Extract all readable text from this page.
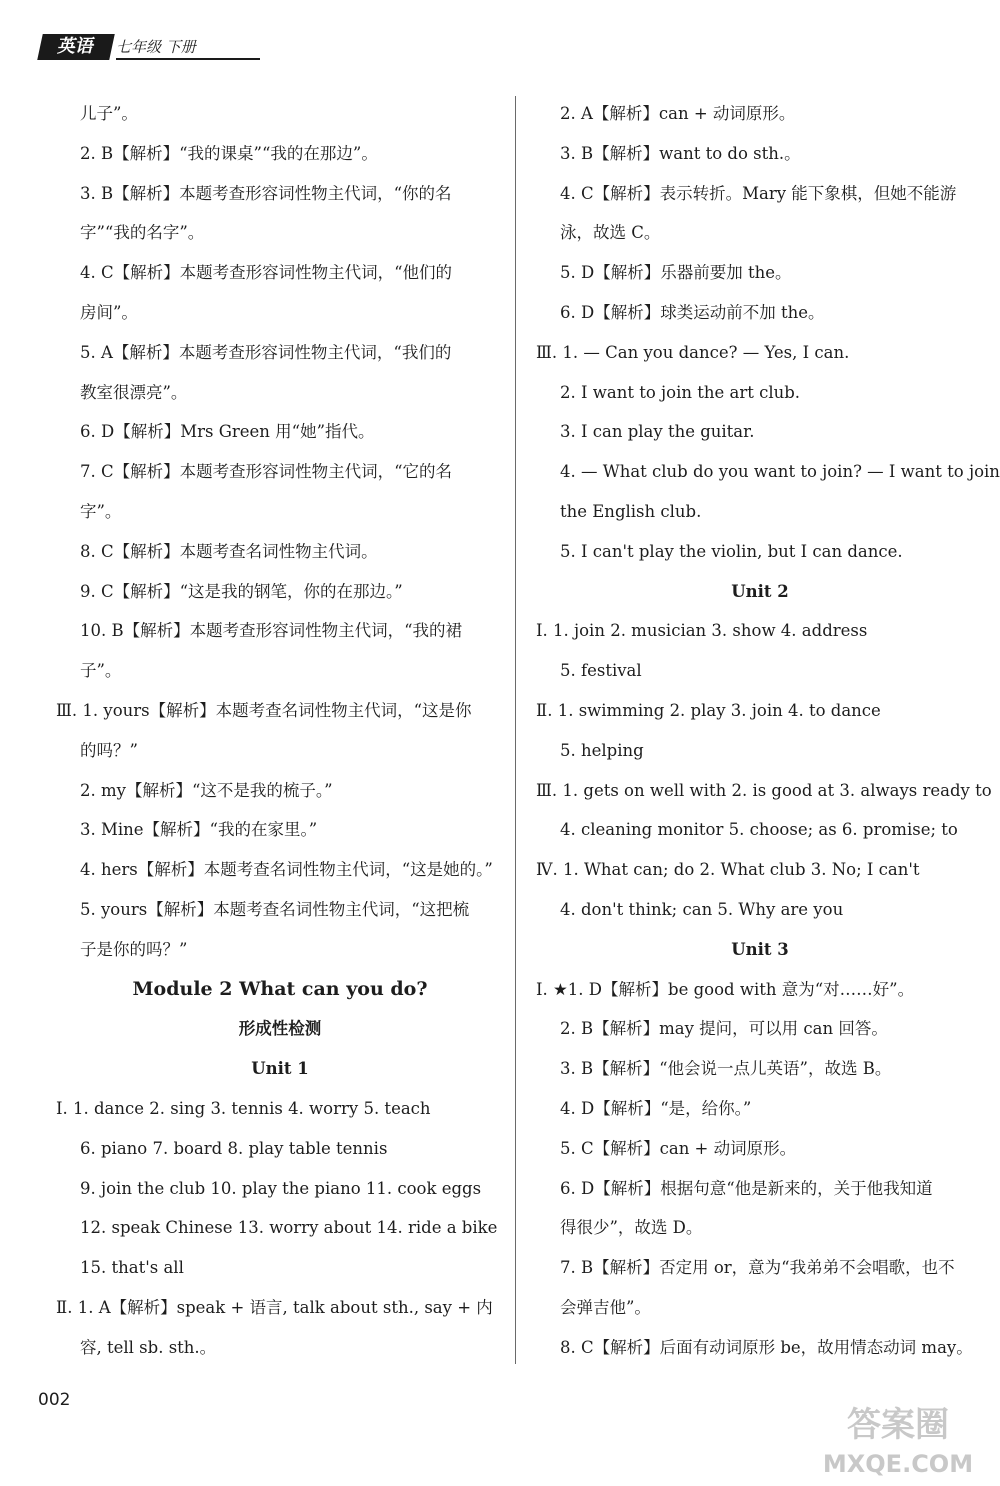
英语	七年级 下册
儿子”。
2. B【解析】“我的课桌”“我的在那边”。
3. B【解析】本题考查形容词性物主代词，“你的名
字”“我的名字”。
4. C【解析】本题考查形容词性物主代词，“他们的
房间”。
5. A【解析】本题考查形容词性物主代词，“我们的
教室很漂亮”。
6. D【解析】Mrs Green 用“她”指代。
7. C【解析】本题考查形容词性物主代词，“它的名
字”。
8. C【解析】本题考查名词性物主代词。
9. C【解析】“这是我的钢笔，你的在那边。”
10. B【解析】本题考查形容词性物主代词，“我的裙
子”。
Ⅲ. 1. yours【解析】本题考查名词性物主代词，“这是你
的吗？”
2. my【解析】“这不是我的梳子。”
3. Mine【解析】“我的在家里。”
4. hers【解析】本题考查名词性物主代词，“这是她的。”
5. yours【解析】本题考查名词性物主代词，“这把梳
子是你的吗？”
Module 2 What can you do?
形成性检测
Unit 1
Ⅰ. 1. dance 2. sing 3. tennis 4. worry 5. teach
6. piano 7. board 8. play table tennis
9. join the club 10. play the piano 11. cook eggs
12. speak Chinese 13. worry about 14. ride a bike
15. that's all
Ⅱ. 1. A【解析】speak + 语言, talk about sth., say + 内
容, tell sb. sth.。
2. A【解析】can + 动词原形。
3. B【解析】want to do sth.。
4. C【解析】表示转折。Mary 能下象棋，但她不能游
泳，故选 C。
5. D【解析】乐器前要加 the。
6. D【解析】球类运动前不加 the。
Ⅲ. 1. — Can you dance? — Yes, I can.
2. I want to join the art club.
3. I can play the guitar.
4. — What club do you want to join? — I want to join
the English club.
5. I can't play the violin, but I can dance.
Unit 2
Ⅰ. 1. join 2. musician 3. show 4. address
5. festival
Ⅱ. 1. swimming 2. play 3. join 4. to dance
5. helping
Ⅲ. 1. gets on well with 2. is good at 3. always ready to
4. cleaning monitor 5. choose; as 6. promise; to
Ⅳ. 1. What can; do 2. What club 3. No; I can't
4. don't think; can 5. Why are you
Unit 3
Ⅰ. ★1. D【解析】be good with 意为“对……好”。
2. B【解析】may 提问，可以用 can 回答。
3. B【解析】“他会说一点儿英语”，故选 B。
4. D【解析】“是，给你。”
5. C【解析】can + 动词原形。
6. D【解析】根据句意“他是新来的，关于他我知道
得很少”，故选 D。
7. B【解析】否定用 or，意为“我弟弟不会唱歌，也不
会弹吉他”。
8. C【解析】后面有动词原形 be，故用情态动词 may。
002
答案圈
MXQE.COM
